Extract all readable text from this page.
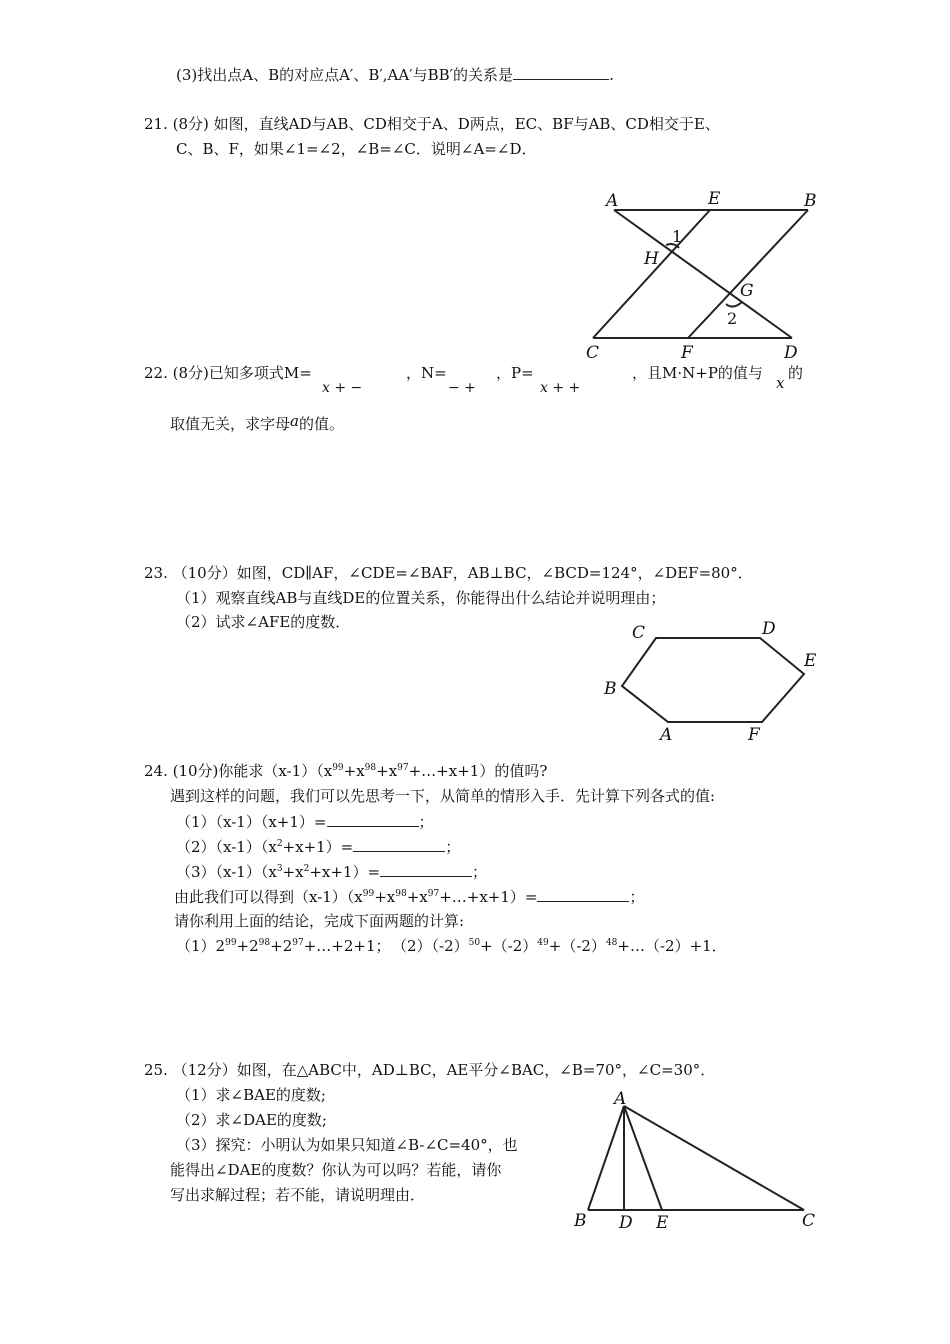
(3)找出点A、B的对应点A′、B′,AA′与BB′的关系是	.
21. (8分) 如图，直线AD与AB、CD相交于A、D两点，EC、BF与AB、CD相交于E、
C、B、F，如果∠1=∠2，∠B=∠C．说明∠A=∠D．
A	E	B
1
H
G
2
C	F	D
22. (8分)已知多项式M=
x + −
，N=
− +
，P=
x + +
，且M·N+P的值与
x
的
取值无关，求字母a的值。
23. （10分）如图，CD∥AF，∠CDE=∠BAF，AB⊥BC，∠BCD=124°，∠DEF=80°．
（1）观察直线AB与直线DE的位置关系，你能得出什么结论并说明理由；
（2）试求∠AFE的度数．
C	D
E
B
A	F
24. (10分)你能求$(x-1)(x^{99}+x^{98}+x^{97}+\dots+x+1)$的值吗?
遇到这样的问题，我们可以先思考一下，从简单的情形入手．先计算下列各式的值:
（1）（x-1）（x+1）=	；
$(2)(x-1)(x^2+x+1)=$	；
$(3)(x-1)(x^3+x^2+x+1)=$	；
由此我们可以得到$(x-1)(x^{99}+x^{98}+x^{97}+\dots+x+1)=$	；
请你利用上面的结论，完成下面两题的计算:
$(1)2^{99}+2^{98}+2^{97}+\dots+2+1$； $(2)(-2)^{50}+(-2)^{49}+(-2)^{48}+\dots(-2)+1$．
25. （12分）如图，在△ABC中，AD⊥BC，AE平分∠BAC，∠B=70°，∠C=30°．
（1）求∠BAE的度数;
（2）求∠DAE的度数;
（3）探究：小明认为如果只知道∠B-∠C=40°，也
能得出∠DAE的度数？你认为可以吗？若能，请你
写出求解过程；若不能，请说明理由．
A
B D E	C
